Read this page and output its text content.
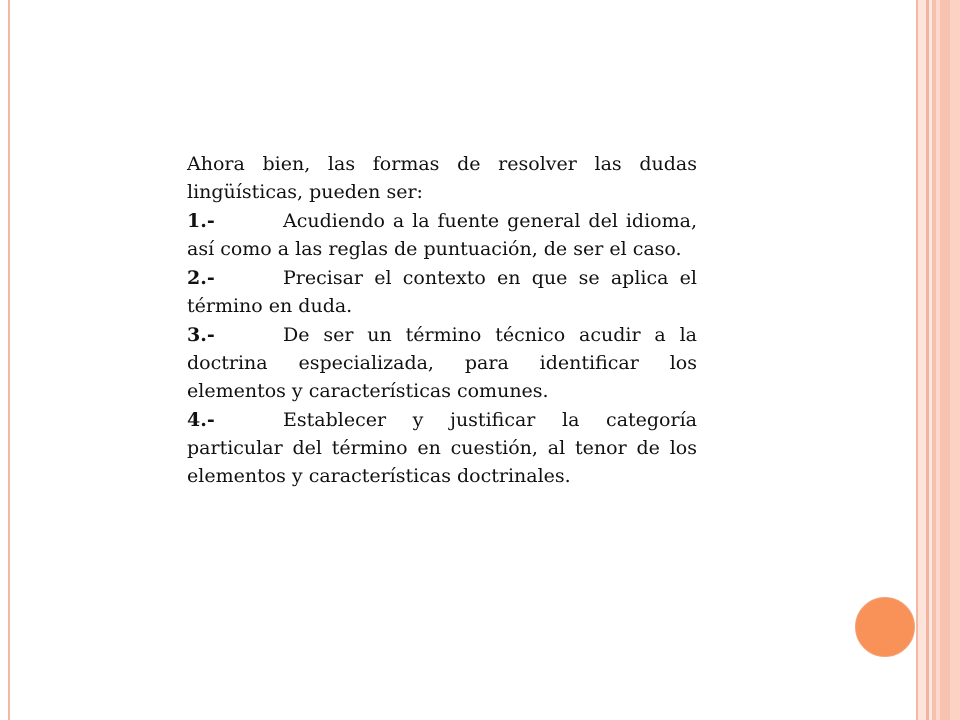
Ahora bien, las formas de resolver las dudas lingüísticas, pueden ser:

1.-	Acudiendo a la fuente general del idioma, así como a las reglas de puntuación, de ser el caso.

2.-	Precisar el contexto en que se aplica el término en duda.

3.-	De ser un término técnico acudir a la doctrina especializada, para identificar los elementos y características comunes.

4.-	Establecer y justificar la categoría particular del término en cuestión, al tenor de los elementos y características doctrinales.
